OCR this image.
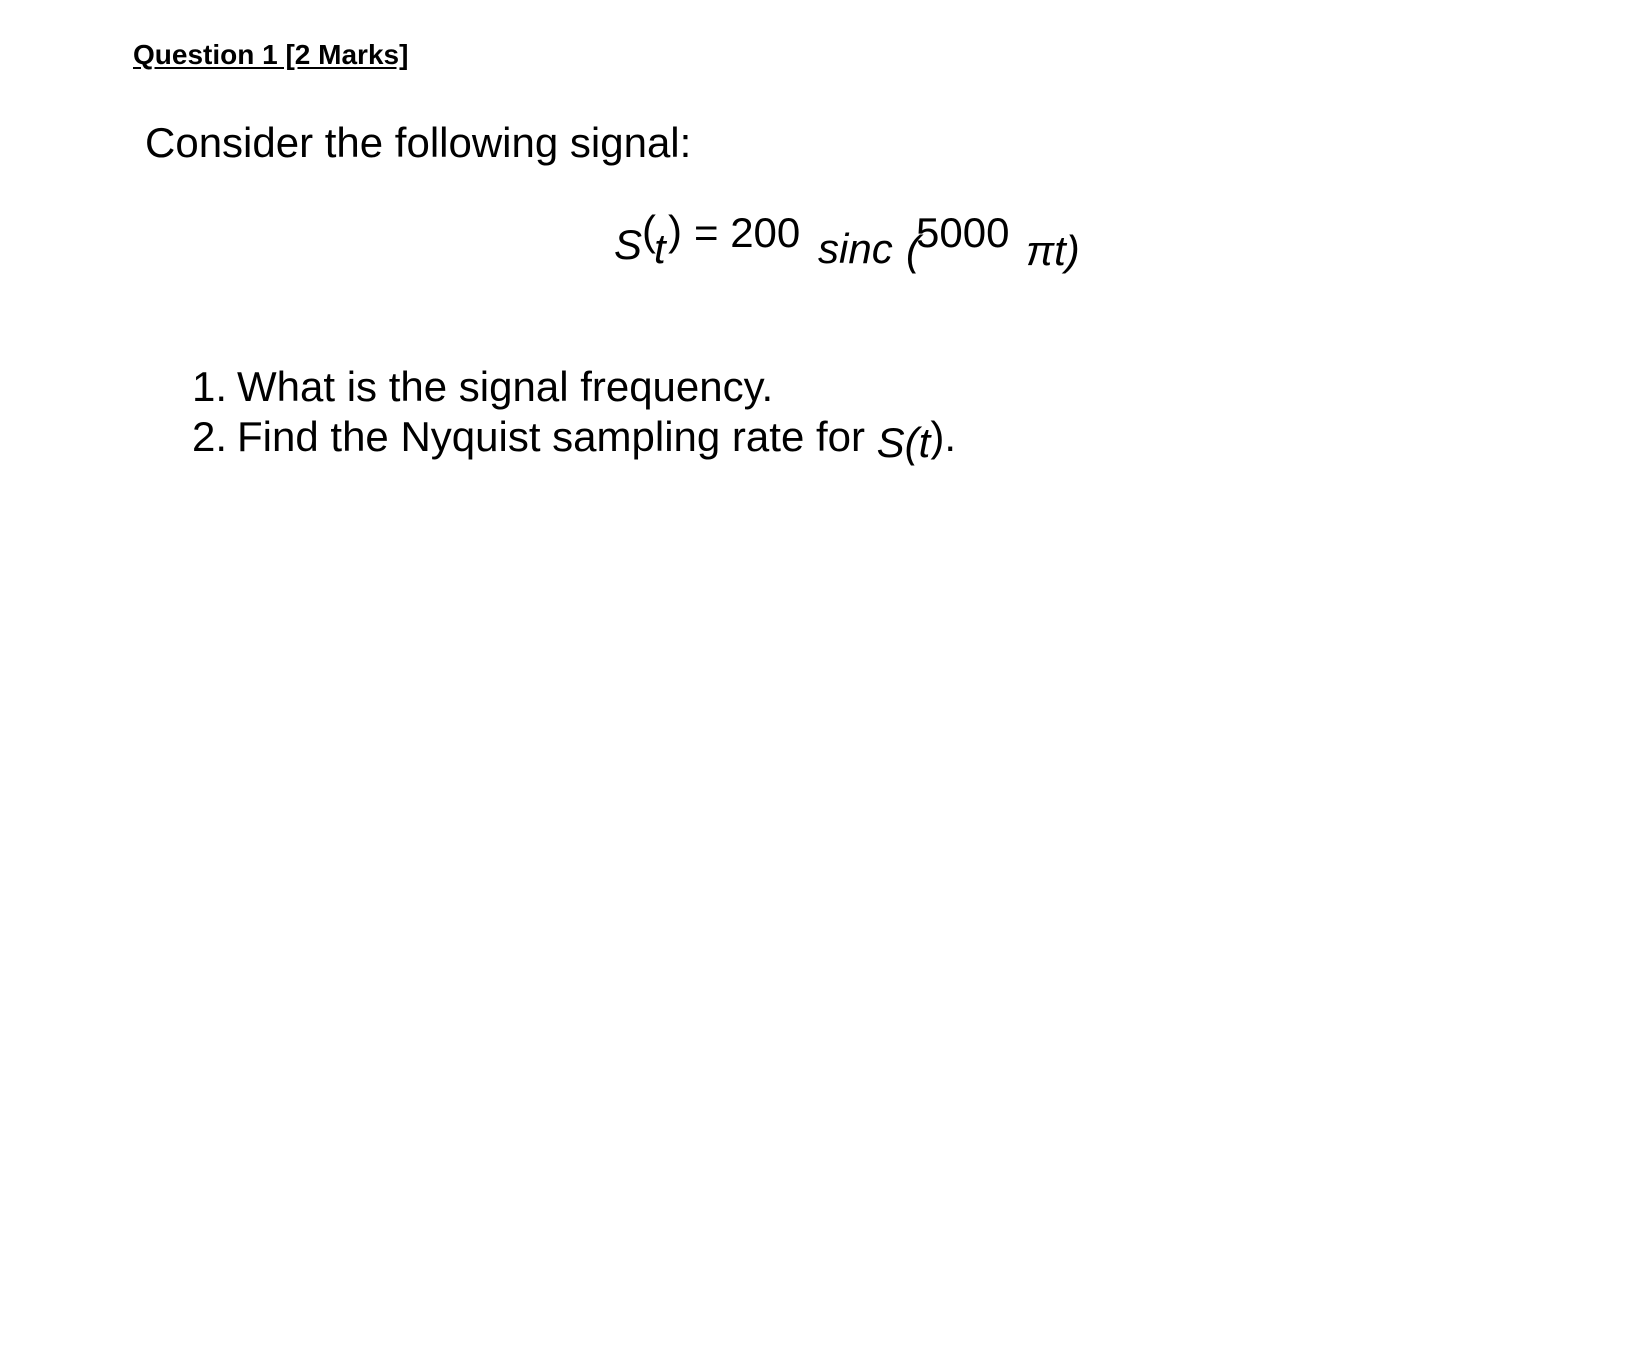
Question 1 [2 Marks]
Consider the following signal:
S (
t ) = 200 sinc (
5000 πt)
1. What is the signal frequency.
2. Find the Nyquist sampling rate for S(t).
